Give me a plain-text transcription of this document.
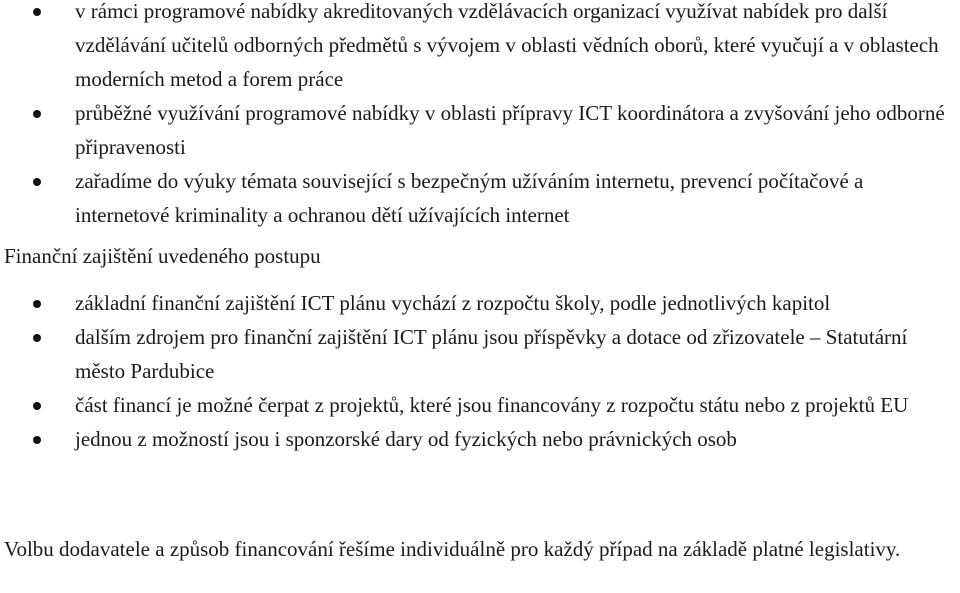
v rámci programové nabídky akreditovaných vzdělávacích organizací využívat nabídek pro další vzdělávání učitelů odborných předmětů s vývojem v oblasti vědních oborů, které vyučují a v oblastech moderních metod a forem práce
průběžné využívání programové nabídky v oblasti přípravy ICT koordinátora a zvyšování jeho odborné připravenosti
zařadíme do výuky témata související s bezpečným užíváním internetu, prevencí počítačové a internetové kriminality a ochranou dětí užívajících internet
Finanční zajištění uvedeného postupu
základní finanční zajištění ICT plánu vychází z rozpočtu školy, podle jednotlivých kapitol
dalším zdrojem pro finanční zajištění ICT plánu jsou příspěvky a dotace od zřizovatele – Statutární město Pardubice
část financí je možné čerpat z projektů, které jsou financovány z rozpočtu státu nebo z projektů EU
jednou z možností jsou i sponzorské dary od fyzických nebo právnických osob

Volbu dodavatele a způsob financování řešíme individuálně pro každý případ na základě platné legislativy.
